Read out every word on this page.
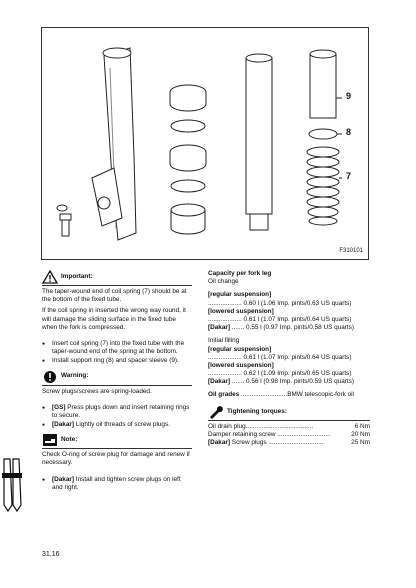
9
8
7
F310101
Important:

The taper-wound end of coil spring (7) should be at the bottom of the fixed tube.

If the coil spring in inserted the wrong way round, it will damage the sliding surface in the fixed tube when the fork is compressed.

● Insert coil spring (7) into the fixed tube with the taper-wound end of the spring at the bottom.
● Install support ring (8) and spacer sleeve (9).
Warning:

Screw plugs/screws are spring-loaded.

● [GS] Press plugs down and insert retaining rings to secure.
● [Dakar] Lightly oil threads of screw plugs.
Note:

Check O-ring of screw plug for damage and renew if necessary.

● [Dakar] Install and tighten screw plugs on left and right.
Capacity per fork leg
Oil change
[regular suspension]
................... 0.60 l (1.06 Imp. pints/0.63 US quarts)
[lowered suspension]
................... 0.61 l (1.07 Imp. pints/0.64 US quarts)
[Dakar] ....... 0.55 l (0.97 Imp. pints/0.58 US quarts)
Initial filling
[regular suspension]
................... 0.61 l (1.07 Imp. pints/0.64 US quarts)
[lowered suspension]
................... 0.62 l (1.09 Imp. pints/0.65 US quarts)
[Dakar] ....... 0.56 l (0.98 Imp. pints/0.59 US quarts)
Oil grades ..........................BMW telescopic-fork oil
Tightening torques:
Oil drain plug......................................	6 Nm
Damper retaining screw ..............................	20 Nm
[Dakar] Screw plugs ...............................	25 Nm
31.16
